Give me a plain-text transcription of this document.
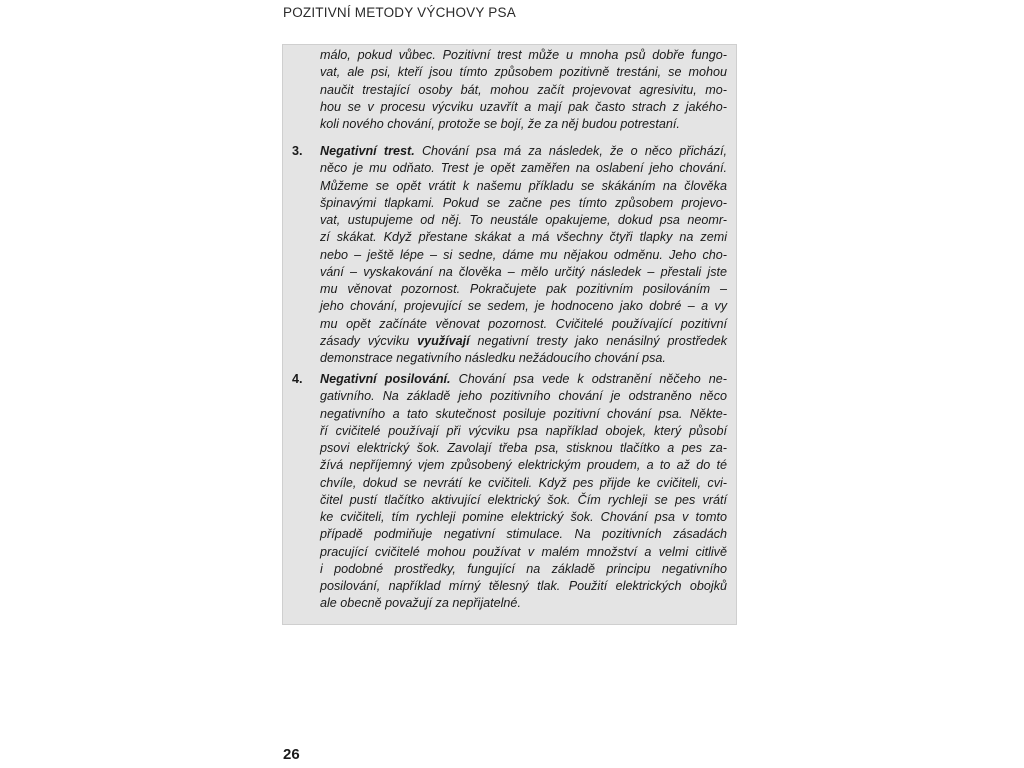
POZITIVNÍ METODY VÝCHOVY PSA
málo, pokud vůbec. Pozitivní trest může u mnoha psů dobře fungo-
vat, ale psi, kteří jsou tímto způsobem pozitivně trestáni, se mohou
naučit trestající osoby bát, mohou začít projevovat agresivitu, mo-
hou se v procesu výcviku uzavřít a mají pak často strach z jakého-
koli nového chování, protože se bojí, že za něj budou potrestaní.
3. Negativní trest. Chování psa má za následek, že o něco přichází,
něco je mu odňato. Trest je opět zaměřen na oslabení jeho chování.
Můžeme se opět vrátit k našemu příkladu se skákáním na člověka
špinavými tlapkami. Pokud se začne pes tímto způsobem projevo-
vat, ustupujeme od něj. To neustále opakujeme, dokud psa neomr-
zí skákat. Když přestane skákat a má všechny čtyři tlapky na zemi
nebo – ještě lépe – si sedne, dáme mu nějakou odměnu. Jeho cho-
vání – vyskakování na člověka – mělo určitý následek – přestali jste
mu věnovat pozornost. Pokračujete pak pozitivním posilováním –
jeho chování, projevující se sedem, je hodnoceno jako dobré – a vy
mu opět začínáte věnovat pozornost. Cvičitelé používající pozitivní
zásady výcviku využívají negativní tresty jako nenásilný prostředek
demonstrace negativního následku nežádoucího chování psa.
4. Negativní posilování. Chování psa vede k odstranění něčeho ne-
gativního. Na základě jeho pozitivního chování je odstraněno něco
negativního a tato skutečnost posiluje pozitivní chování psa. Někte-
ří cvičitelé používají při výcviku psa například obojek, který působí
psovi elektrický šok. Zavolají třeba psa, stisknou tlačítko a pes za-
žívá nepříjemný vjem způsobený elektrickým proudem, a to až do té
chvíle, dokud se nevrátí ke cvičiteli. Když pes přijde ke cvičiteli, cvi-
čitel pustí tlačítko aktivující elektrický šok. Čím rychleji se pes vrátí
ke cvičiteli, tím rychleji pomine elektrický šok. Chování psa v tomto
případě podmiňuje negativní stimulace. Na pozitivních zásadách
pracující cvičitelé mohou používat v malém množství a velmi citlivě
i podobné prostředky, fungující na základě principu negativního
posilování, například mírný tělesný tlak. Použití elektrických obojků
ale obecně považují za nepřijatelné.
26
